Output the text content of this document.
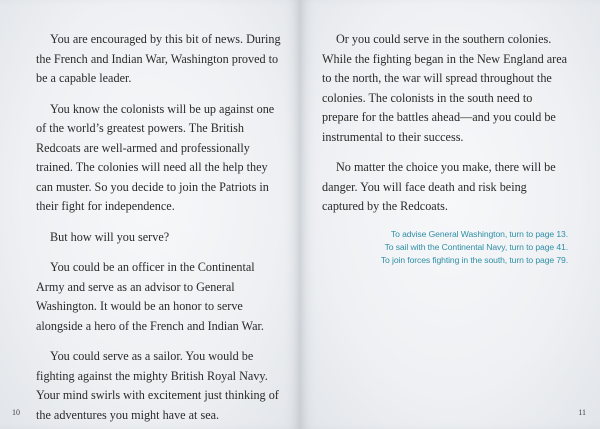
You are encouraged by this bit of news. During the French and Indian War, Washington proved to be a capable leader.

You know the colonists will be up against one of the world’s greatest powers. The British Redcoats are well-armed and professionally trained. The colonies will need all the help they can muster. So you decide to join the Patriots in their fight for independence.

But how will you serve?

You could be an officer in the Continental Army and serve as an advisor to General Washington. It would be an honor to serve alongside a hero of the French and Indian War.

You could serve as a sailor. You would be fighting against the mighty British Royal Navy. Your mind swirls with excitement just thinking of the adventures you might have at sea.

10

Or you could serve in the southern colonies. While the fighting began in the New England area to the north, the war will spread throughout the colonies. The colonists in the south need to prepare for the battles ahead—and you could be instrumental to their success.

No matter the choice you make, there will be danger. You will face death and risk being captured by the Redcoats.

To advise General Washington, turn to page 13.
To sail with the Continental Navy, turn to page 41.
To join forces fighting in the south, turn to page 79.
11
